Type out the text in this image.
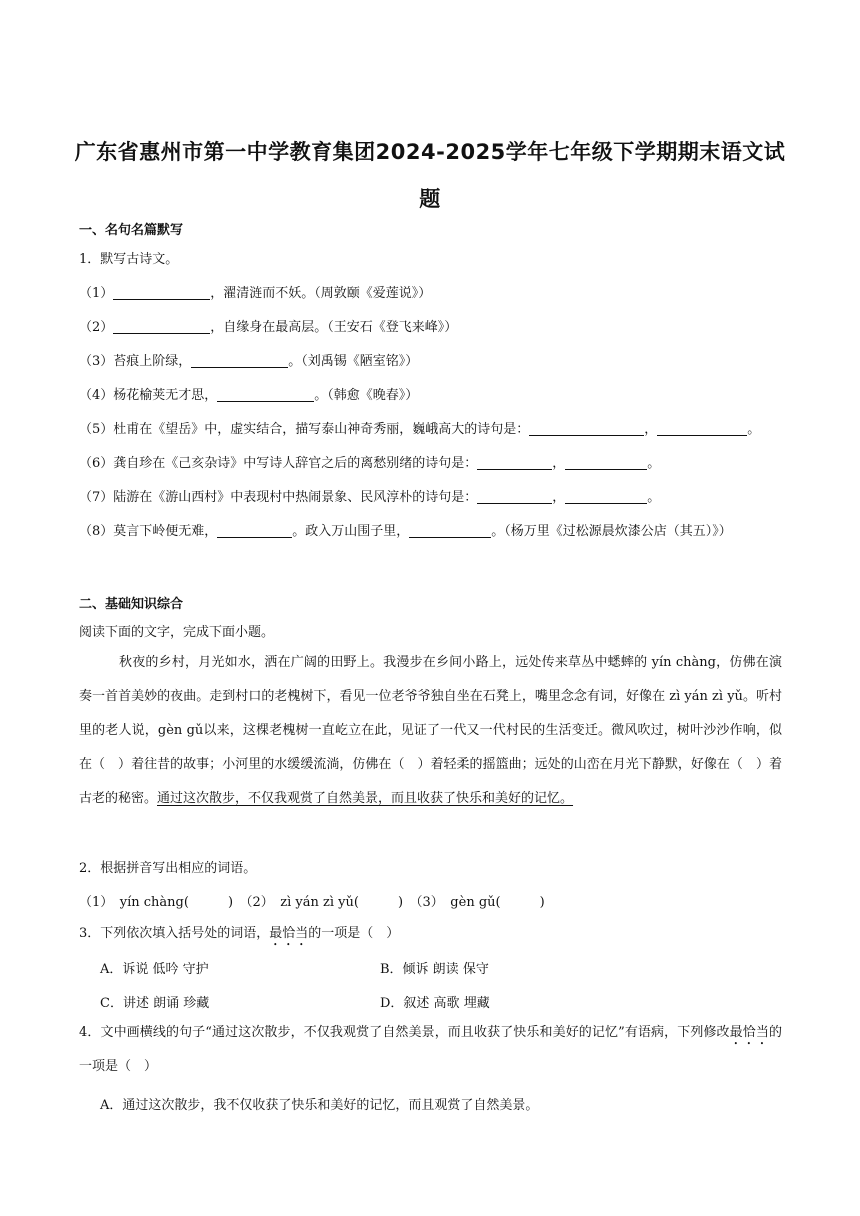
广东省惠州市第一中学教育集团2024-2025学年七年级下学期期末语文试
题
一、名句名篇默写
1．默写古诗文。
（1）	，濯清涟而不妖。（周敦颐《爱莲说》）
（2）	，自缘身在最高层。（王安石《登飞来峰》）
（3）苔痕上阶绿，	。（刘禹锡《陋室铭》）
（4）杨花榆荚无才思，	。（韩愈《晚春》）
（5）杜甫在《望岳》中，虚实结合，描写泰山神奇秀丽，巍峨高大的诗句是：	，	。
（6）龚自珍在《己亥杂诗》中写诗人辞官之后的离愁别绪的诗句是：	，	。
（7）陆游在《游山西村》中表现村中热闹景象、民风淳朴的诗句是：	，	。
（8）莫言下岭便无难，	。政入万山围子里，	。（杨万里《过松源晨炊漆公店（其五）》）
二、基础知识综合
阅读下面的文字，完成下面小题。

秋夜的乡村，月光如水，洒在广阔的田野上。我漫步在乡间小路上，远处传来草丛中蟋蟀的 yín chàng，仿佛在演奏一首首美妙的夜曲。走到村口的老槐树下，看见一位老爷爷独自坐在石凳上，嘴里念念有词，好像在 zì yán zì yǔ。听村里的老人说，gèn gǔ以来，这棵老槐树一直屹立在此，见证了一代又一代村民的生活变迁。微风吹过，树叶沙沙作响，似在（　）着往昔的故事；小河里的水缓缓流淌，仿佛在（　）着轻柔的摇篮曲；远处的山峦在月光下静默，好像在（　）着古老的秘密。通过这次散步，不仅我观赏了自然美景，而且收获了快乐和美好的记忆。

2．根据拼音写出相应的词语。
（1）　yín chàng(　　　)　（2）　zì yán zì yǔ(　　　)　（3）　gèn gǔ(　　　)
3．下列依次填入括号处的词语，最恰当的一项是（　）
A．诉说 低吟 守护	B．倾诉 朗读 保守
C．讲述 朗诵 珍藏	D．叙述 高歌 埋藏
4．文中画横线的句子“通过这次散步，不仅我观赏了自然美景，而且收获了快乐和美好的记忆”有语病，下列修改最恰当的一项是（　）
A．通过这次散步，我不仅收获了快乐和美好的记忆，而且观赏了自然美景。
